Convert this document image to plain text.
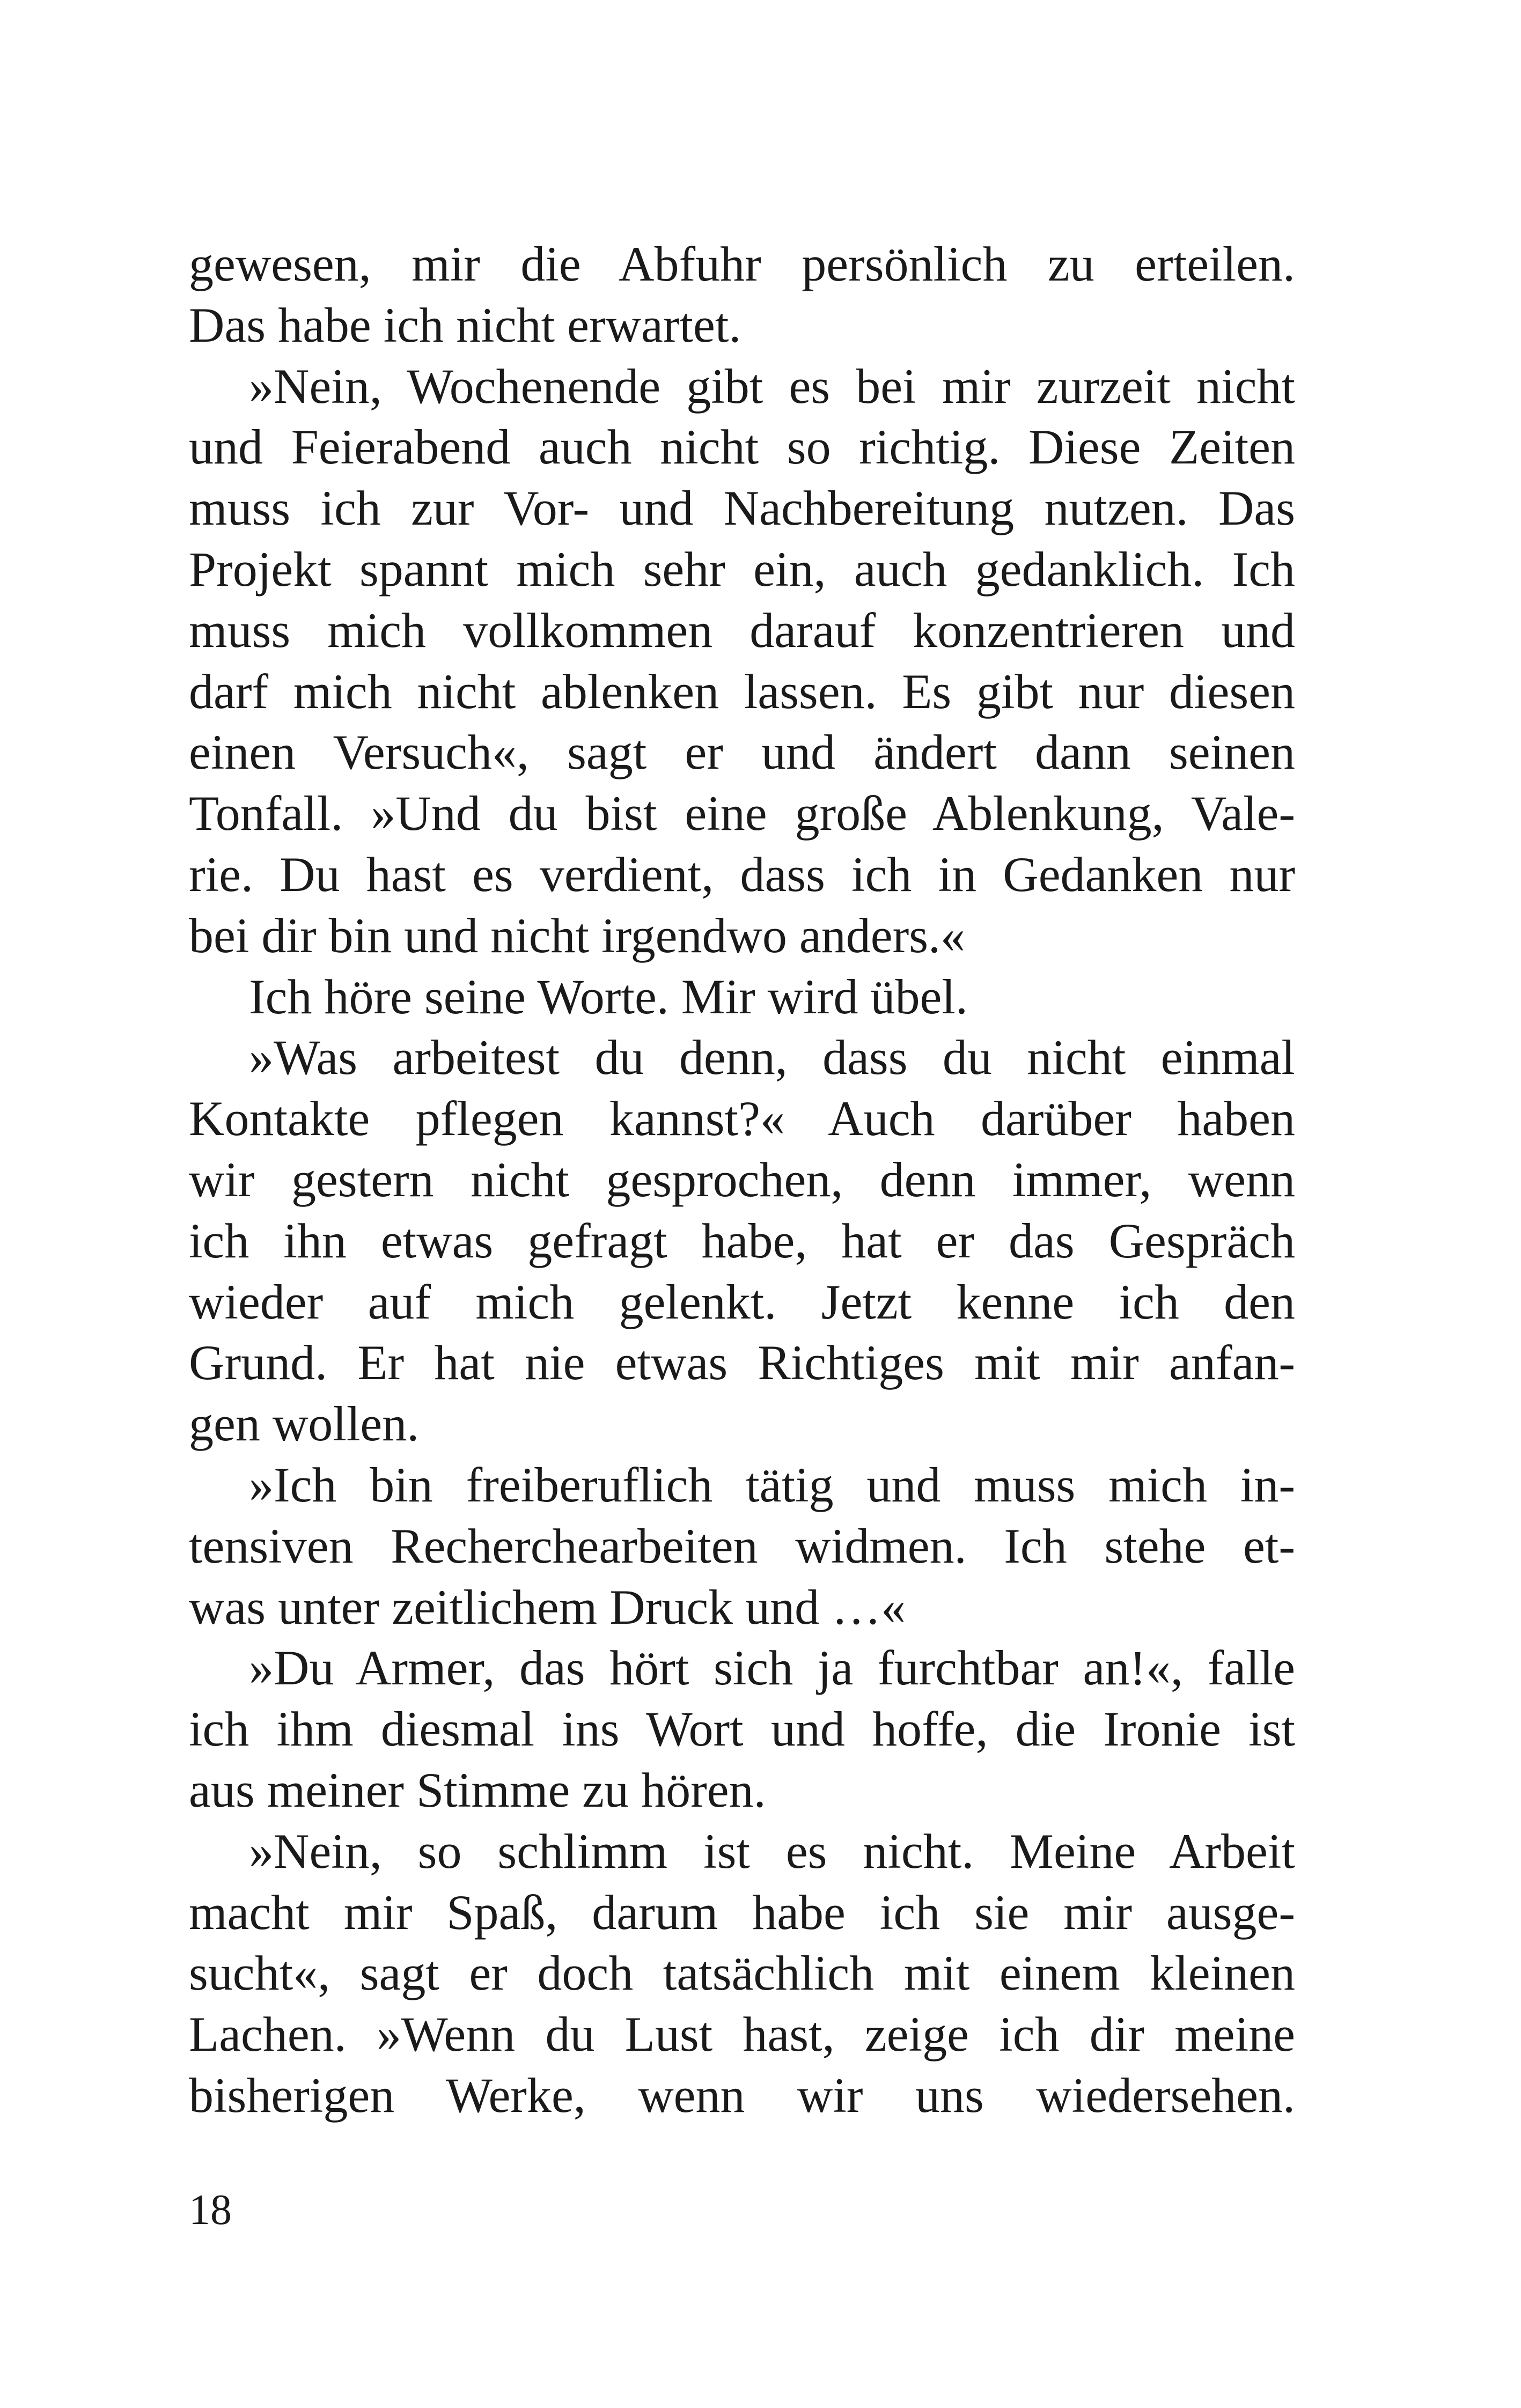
gewesen, mir die Abfuhr persönlich zu erteilen.
Das habe ich nicht erwartet.
»Nein, Wochenende gibt es bei mir zurzeit nicht
und Feierabend auch nicht so richtig. Diese Zeiten
muss ich zur Vor- und Nachbereitung nutzen. Das
Projekt spannt mich sehr ein, auch gedanklich. Ich
muss mich vollkommen darauf konzentrieren und
darf mich nicht ablenken lassen. Es gibt nur diesen
einen Versuch«, sagt er und ändert dann seinen
Tonfall. »Und du bist eine große Ablenkung, Vale-
rie. Du hast es verdient, dass ich in Gedanken nur
bei dir bin und nicht irgendwo anders.«
Ich höre seine Worte. Mir wird übel.
»Was arbeitest du denn, dass du nicht einmal
Kontakte pflegen kannst?« Auch darüber haben
wir gestern nicht gesprochen, denn immer, wenn
ich ihn etwas gefragt habe, hat er das Gespräch
wieder auf mich gelenkt. Jetzt kenne ich den
Grund. Er hat nie etwas Richtiges mit mir anfan-
gen wollen.
»Ich bin freiberuflich tätig und muss mich in-
tensiven Recherchearbeiten widmen. Ich stehe et-
was unter zeitlichem Druck und …«
»Du Armer, das hört sich ja furchtbar an!«, falle
ich ihm diesmal ins Wort und hoffe, die Ironie ist
aus meiner Stimme zu hören.
»Nein, so schlimm ist es nicht. Meine Arbeit
macht mir Spaß, darum habe ich sie mir ausge-
sucht«, sagt er doch tatsächlich mit einem kleinen
Lachen. »Wenn du Lust hast, zeige ich dir meine
bisherigen Werke, wenn wir uns wiedersehen.
18
